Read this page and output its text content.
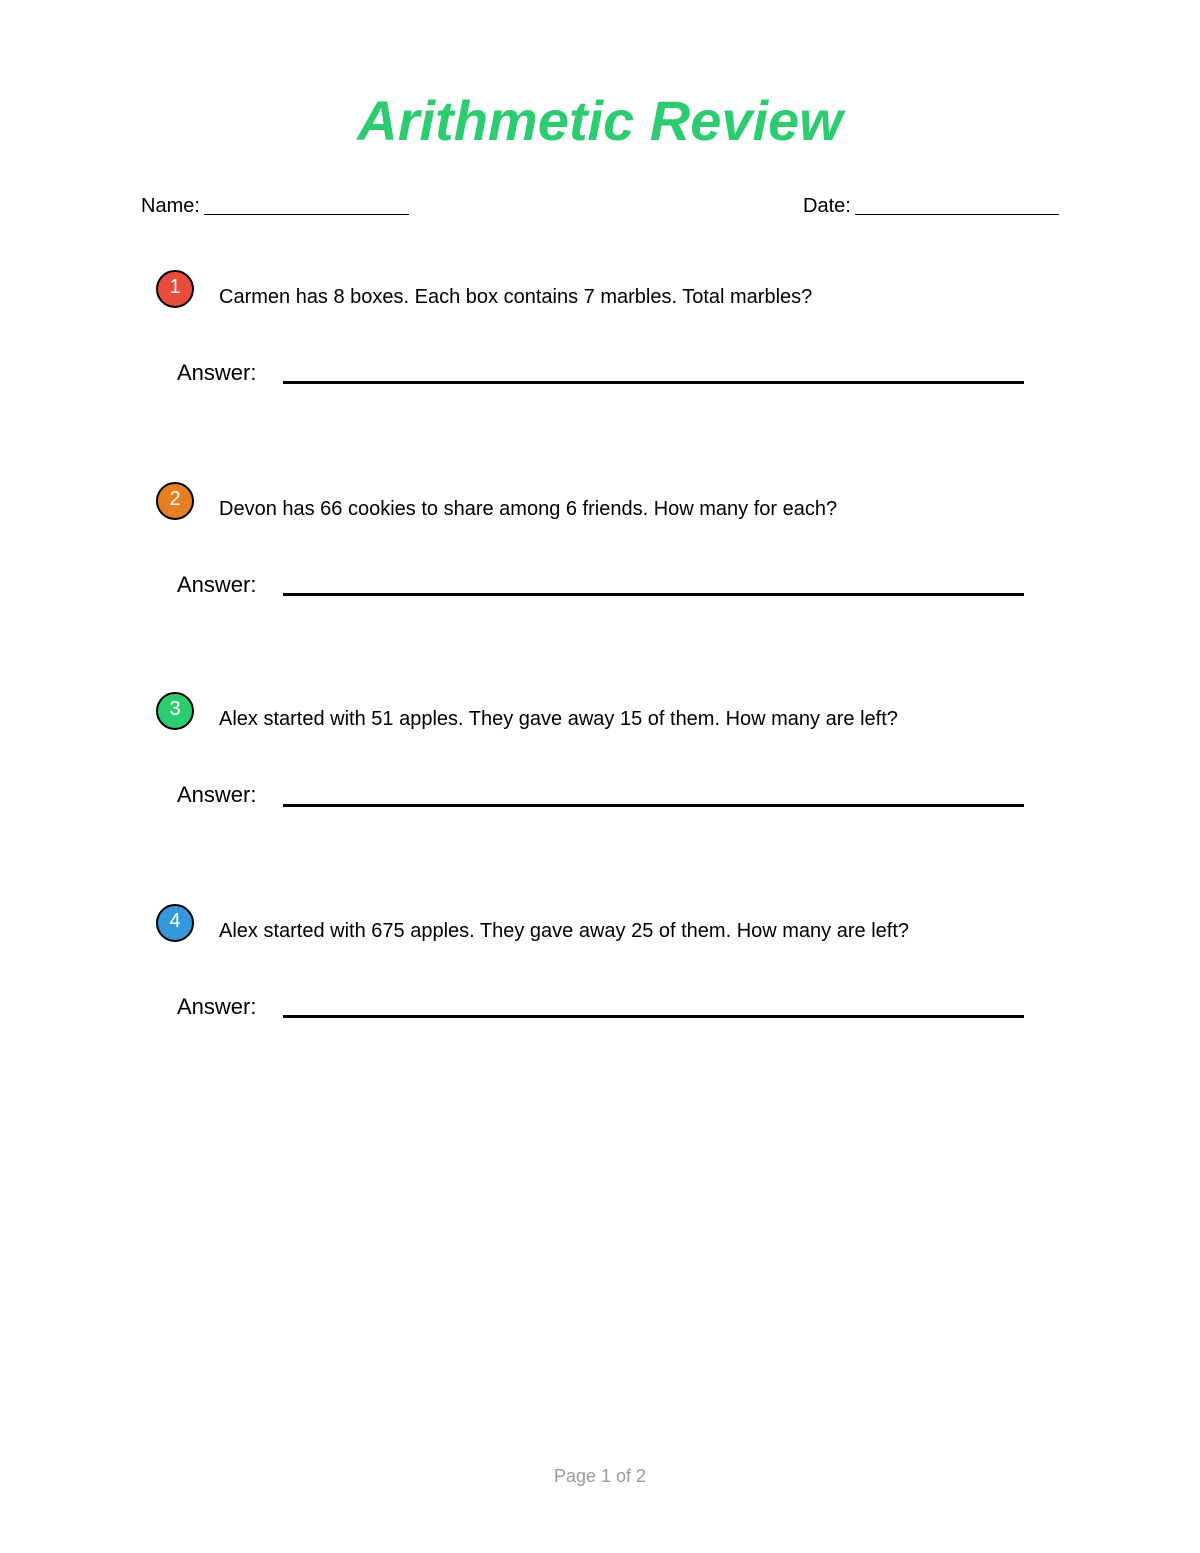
Arithmetic Review
Name:	Date:
1	Carmen has 8 boxes. Each box contains 7 marbles. Total marbles?
Answer:
2	Devon has 66 cookies to share among 6 friends. How many for each?
Answer:
3	Alex started with 51 apples. They gave away 15 of them. How many are left?
Answer:
4	Alex started with 675 apples. They gave away 25 of them. How many are left?
Answer:
Page 1 of 2
